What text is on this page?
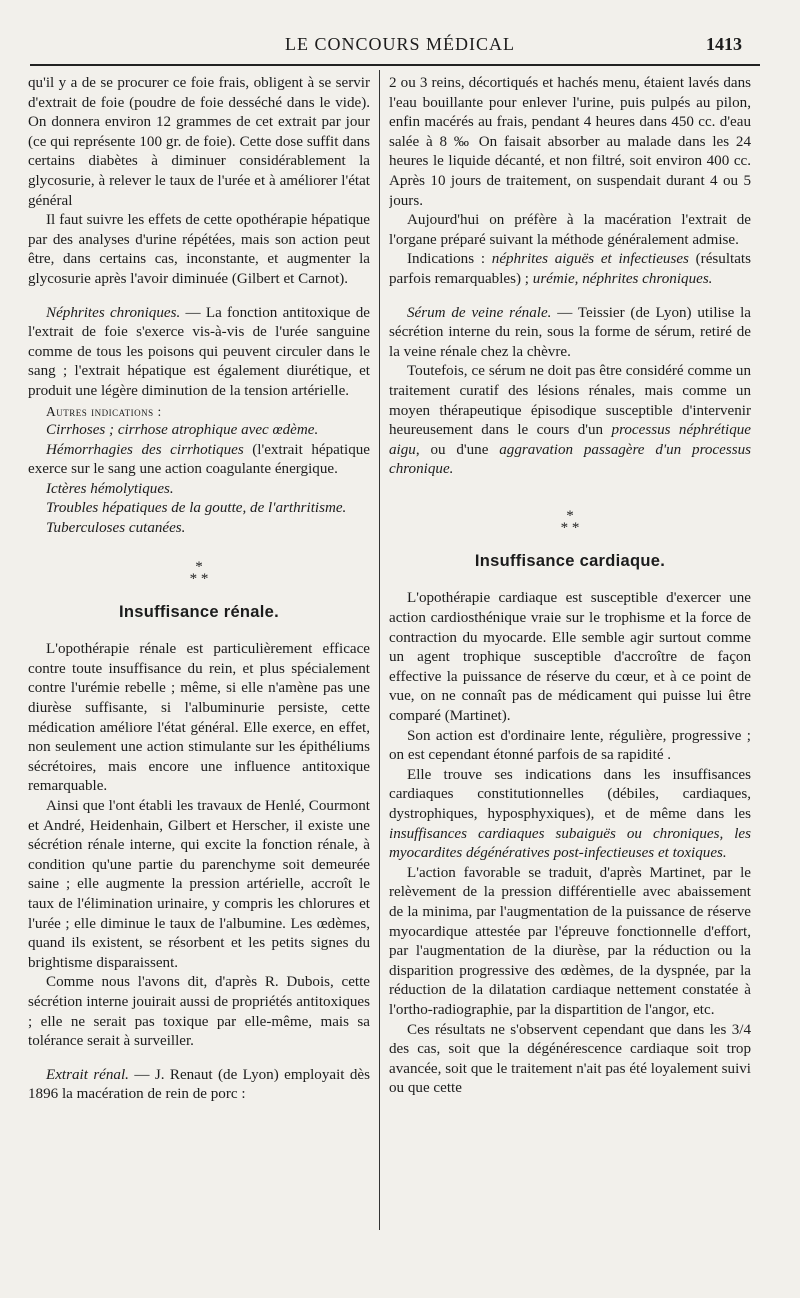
LE CONCOURS MÉDICAL	1413

qu'il y a de se procurer ce foie frais, obligent à se servir d'extrait de foie (poudre de foie desséché dans le vide). On donnera environ 12 grammes de cet extrait par jour (ce qui représente 100 gr. de foie). Cette dose suffit dans certains diabètes à diminuer considérablement la glycosurie, à relever le taux de l'urée et à améliorer l'état général

Il faut suivre les effets de cette opothérapie hépatique par des analyses d'urine répétées, mais son action peut être, dans certains cas, inconstante, et augmenter la glycosurie après l'avoir diminuée (Gilbert et Carnot).

Néphrites chroniques. — La fonction antitoxique de l'extrait de foie s'exerce vis-à-vis de l'urée sanguine comme de tous les poisons qui peuvent circuler dans le sang ; l'extrait hépatique est également diurétique, et produit une légère diminution de la tension artérielle.

Autres indications :

Cirrhoses ; cirrhose atrophique avec œdème.

Hémorrhagies des cirrhotiques (l'extrait hépatique exerce sur le sang une action coagulante énergique.

Ictères hémolytiques.

Troubles hépatiques de la goutte, de l'arthritisme.

Tuberculoses cutanées.

*
* *
Insuffisance rénale.

L'opothérapie rénale est particulièrement efficace contre toute insuffisance du rein, et plus spécialement contre l'urémie rebelle ; même, si elle n'amène pas une diurèse suffisante, si l'albuminurie persiste, cette médication améliore l'état général. Elle exerce, en effet, non seulement une action stimulante sur les épithéliums sécrétoires, mais encore une influence antitoxique remarquable.

Ainsi que l'ont établi les travaux de Henlé, Courmont et André, Heidenhain, Gilbert et Herscher, il existe une sécrétion rénale interne, qui excite la fonction rénale, à condition qu'une partie du parenchyme soit demeurée saine ; elle augmente la pression artérielle, accroît le taux de l'élimination urinaire, y compris les chlorures et l'urée ; elle diminue le taux de l'albumine. Les œdèmes, quand ils existent, se résorbent et les petits signes du brightisme disparaissent.

Comme nous l'avons dit, d'après R. Dubois, cette sécrétion interne jouirait aussi de propriétés antitoxiques ; elle ne serait pas toxique par elle-même, mais sa tolérance serait à surveiller.

Extrait rénal. — J. Renaut (de Lyon) employait dès 1896 la macération de rein de porc :

2 ou 3 reins, décortiqués et hachés menu, étaient lavés dans l'eau bouillante pour enlever l'urine, puis pulpés au pilon, enfin macérés au frais, pendant 4 heures dans 450 cc. d'eau salée à 8 ‰ On faisait absorber au malade dans les 24 heures le liquide décanté, et non filtré, soit environ 400 cc. Après 10 jours de traitement, on suspendait durant 4 ou 5 jours.

Aujourd'hui on préfère à la macération l'extrait de l'organe préparé suivant la méthode généralement admise.

Indications : néphrites aiguës et infectieuses (résultats parfois remarquables) ; urémie, néphrites chroniques.

Sérum de veine rénale. — Teissier (de Lyon) utilise la sécrétion interne du rein, sous la forme de sérum, retiré de la veine rénale chez la chèvre.

Toutefois, ce sérum ne doit pas être considéré comme un traitement curatif des lésions rénales, mais comme un moyen thérapeutique épisodique susceptible d'intervenir heureusement dans le cours d'un processus néphrétique aigu, ou d'une aggravation passagère d'un processus chronique.

*
* *
Insuffisance cardiaque.

L'opothérapie cardiaque est susceptible d'exercer une action cardiosthénique vraie sur le trophisme et la force de contraction du myocarde. Elle semble agir surtout comme un agent trophique susceptible d'accroître de façon effective la puissance de réserve du cœur, et à ce point de vue, on ne connaît pas de médicament qui puisse lui être comparé (Martinet).

Son action est d'ordinaire lente, régulière, progressive ; on est cependant étonné parfois de sa rapidité .

Elle trouve ses indications dans les insuffisances cardiaques constitutionnelles (débiles, cardiaques, dystrophiques, hyposphyxiques), et de même dans les insuffisances cardiaques subaiguës ou chroniques, les myocardites dégénératives post-infectieuses et toxiques.

L'action favorable se traduit, d'après Martinet, par le relèvement de la pression différentielle avec abaissement de la minima, par l'augmentation de la puissance de réserve myocardique attestée par l'épreuve fonctionnelle d'effort, par l'augmentation de la diurèse, par la réduction ou la disparition progressive des œdèmes, de la dyspnée, par la réduction de la dilatation cardiaque nettement constatée à l'ortho-radiographie, par la dispartition de l'angor, etc.

Ces résultats ne s'observent cependant que dans les 3/4 des cas, soit que la dégénérescence cardiaque soit trop avancée, soit que le traitement n'ait pas été loyalement suivi ou que cette
